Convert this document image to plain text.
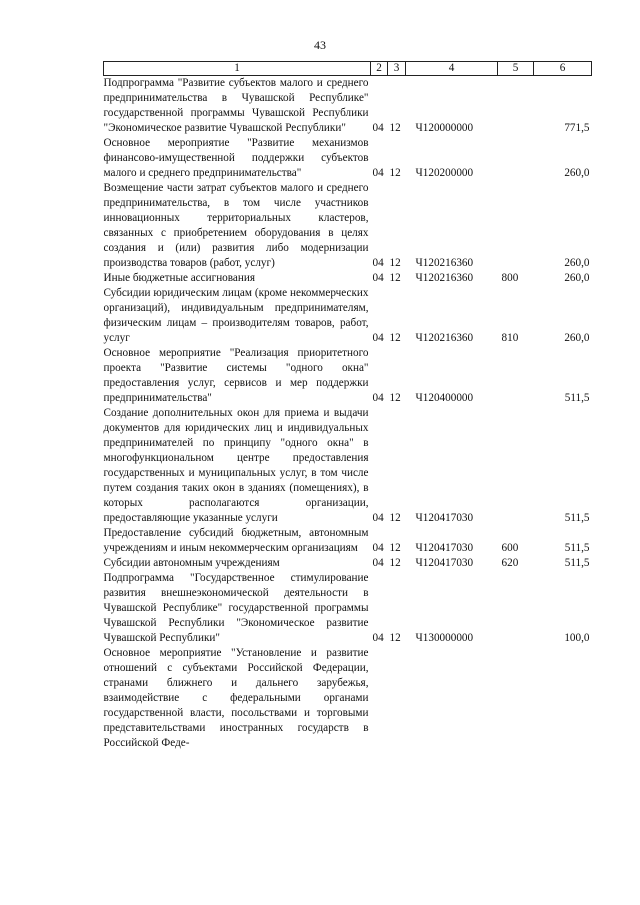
43
1	2	3	4	5	6
Подпрограмма "Развитие субъектов малого и среднего предпринимательства в Чувашской Республике" государственной программы Чувашской Республики "Экономическое развитие Чувашской Республики"	04	12	Ч120000000		771,5
Основное мероприятие "Развитие механизмов финансово-имущественной поддержки субъектов малого и среднего предпринимательства"	04	12	Ч120200000		260,0
Возмещение части затрат субъектов малого и среднего предпринимательства, в том числе участников инновационных территориальных кластеров, связанных с приобретением оборудования в целях создания и (или) развития либо модернизации производства товаров (работ, услуг)	04	12	Ч120216360		260,0
Иные бюджетные ассигнования	04	12	Ч120216360	800	260,0
Субсидии юридическим лицам (кроме некоммерческих организаций), индивидуальным предпринимателям, физическим лицам – производителям товаров, работ, услуг	04	12	Ч120216360	810	260,0
Основное мероприятие "Реализация приоритетного проекта "Развитие системы "одного окна" предоставления услуг, сервисов и мер поддержки предпринимательства"	04	12	Ч120400000		511,5
Создание дополнительных окон для приема и выдачи документов для юридических лиц и индивидуальных предпринимателей по принципу "одного окна" в многофункциональном центре предоставления государственных и муниципальных услуг, в том числе путем создания таких окон в зданиях (помещениях), в которых располагаются организации, предоставляющие указанные услуги	04	12	Ч120417030		511,5
Предоставление субсидий бюджетным, автономным учреждениям и иным некоммерческим организациям	04	12	Ч120417030	600	511,5
Субсидии автономным учреждениям	04	12	Ч120417030	620	511,5
Подпрограмма "Государственное стимулирование развития внешнеэкономической деятельности в Чувашской Республике" государственной программы Чувашской Республики "Экономическое развитие Чувашской Республики"	04	12	Ч130000000		100,0
Основное мероприятие "Установление и развитие отношений с субъектами Российской Федерации, странами ближнего и дальнего зарубежья, взаимодействие с федеральными органами государственной власти, посольствами и торговыми представительствами иностранных государств в Российской Феде-					
